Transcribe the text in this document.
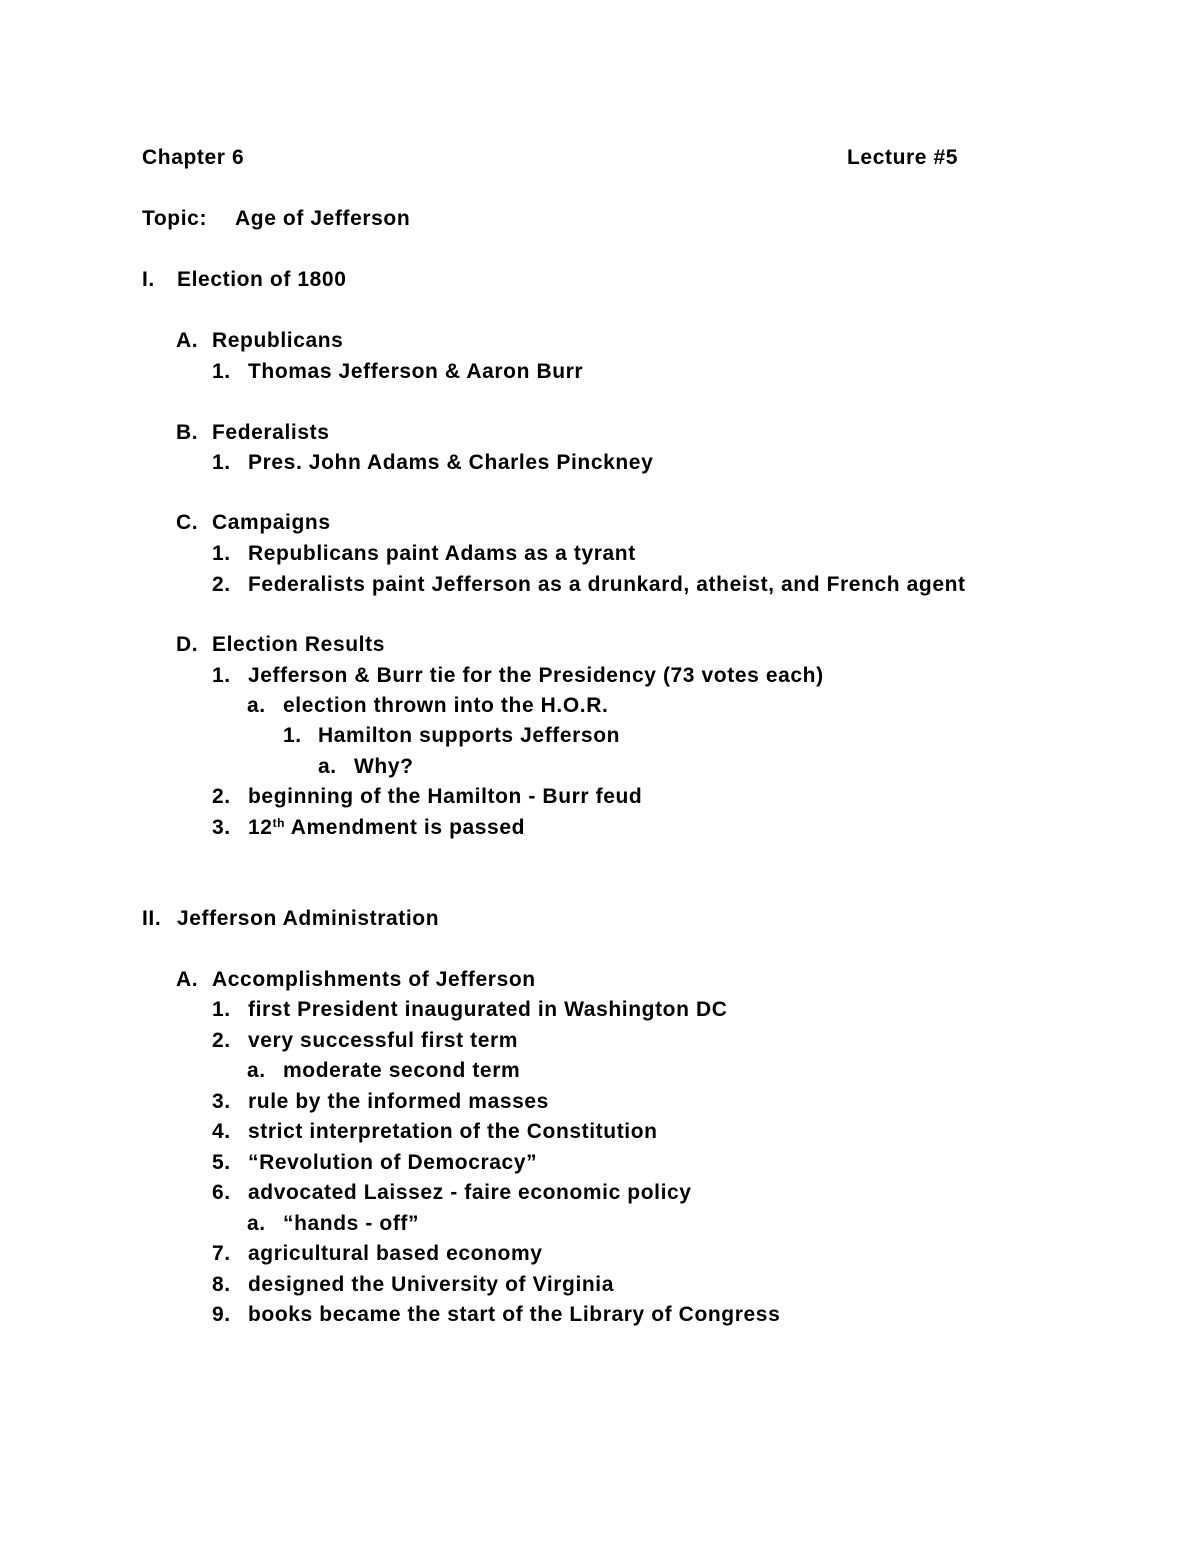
Chapter 6	Lecture #5
Topic: Age of Jefferson
I. Election of 1800
A. Republicans
1. Thomas Jefferson & Aaron Burr
B. Federalists
1. Pres. John Adams & Charles Pinckney
C. Campaigns
1. Republicans paint Adams as a tyrant
2. Federalists paint Jefferson as a drunkard, atheist, and French agent
D. Election Results
1. Jefferson & Burr tie for the Presidency (73 votes each)
a. election thrown into the H.O.R.
1. Hamilton supports Jefferson
a. Why?
2. beginning of the Hamilton - Burr feud
3. 12th Amendment is passed
II. Jefferson Administration
A. Accomplishments of Jefferson
1. first President inaugurated in Washington DC
2. very successful first term
a. moderate second term
3. rule by the informed masses
4. strict interpretation of the Constitution
5. “Revolution of Democracy”
6. advocated Laissez - faire economic policy
a. “hands - off”
7. agricultural based economy
8. designed the University of Virginia
9. books became the start of the Library of Congress
